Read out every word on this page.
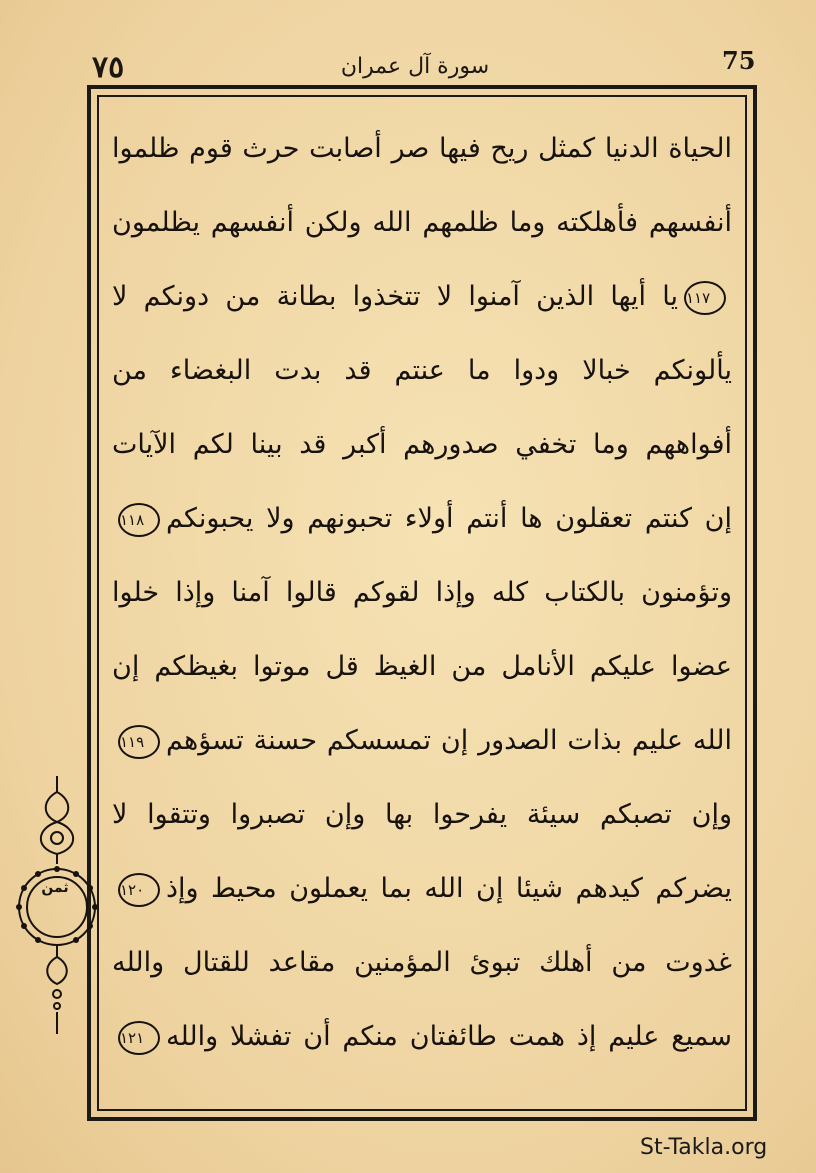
٧٥	سورة آل عمران	75
الحياة الدنيا كمثل ريح فيها صر أصابت حرث قوم ظلموا
أنفسهم فأهلكته وما ظلمهم الله ولكن أنفسهم يظلمون
١١٧يا أيها الذين آمنوا لا تتخذوا بطانة من دونكم لا
يألونكم خبالا ودوا ما عنتم قد بدت البغضاء من
أفواههم وما تخفي صدورهم أكبر قد بينا لكم الآيات
إن كنتم تعقلون ها أنتم أولاء تحبونهم ولا يحبونكم١١٨
وتؤمنون بالكتاب كله وإذا لقوكم قالوا آمنا وإذا خلوا
عضوا عليكم الأنامل من الغيظ قل موتوا بغيظكم إن
الله عليم بذات الصدور إن تمسسكم حسنة تسؤهم١١٩
وإن تصبكم سيئة يفرحوا بها وإن تصبروا وتتقوا لا
يضركم كيدهم شيئا إن الله بما يعملون محيط وإذ١٢٠
غدوت من أهلك تبوئ المؤمنين مقاعد للقتال والله
سميع عليم إذ همت طائفتان منكم أن تفشلا والله١٢١
ثمن
St-Takla.org
